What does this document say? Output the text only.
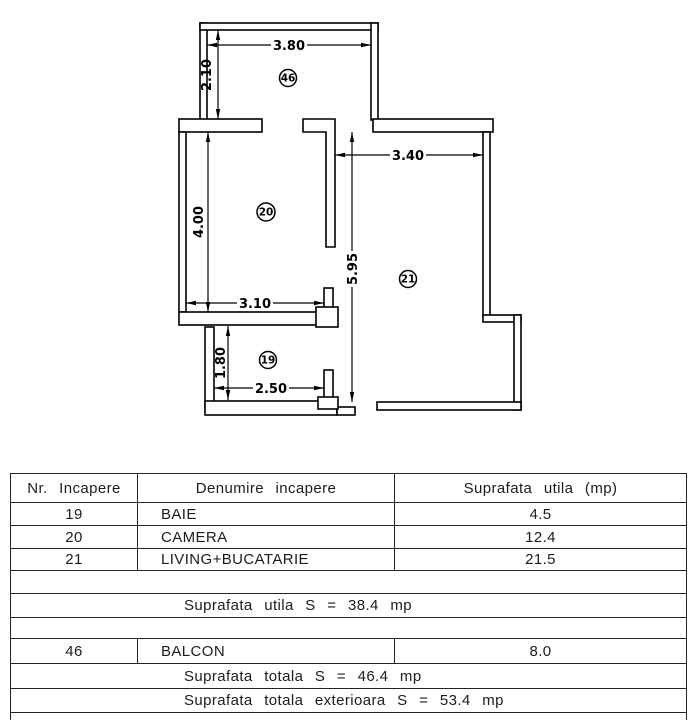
3.80
2.10
4.00
3.10
1.80
2.50
3.40
5.95
46
20
21
19
Nr. Incapere	Denumire incapere	Suprafata utila (mp)
19	BAIE	4.5
20	CAMERA	12.4
21	LIVING+BUCATARIE	21.5
Suprafata utila S = 38.4 mp
46	BALCON	8.0
Suprafata totala S = 46.4 mp
Suprafata totala exterioara S = 53.4 mp
